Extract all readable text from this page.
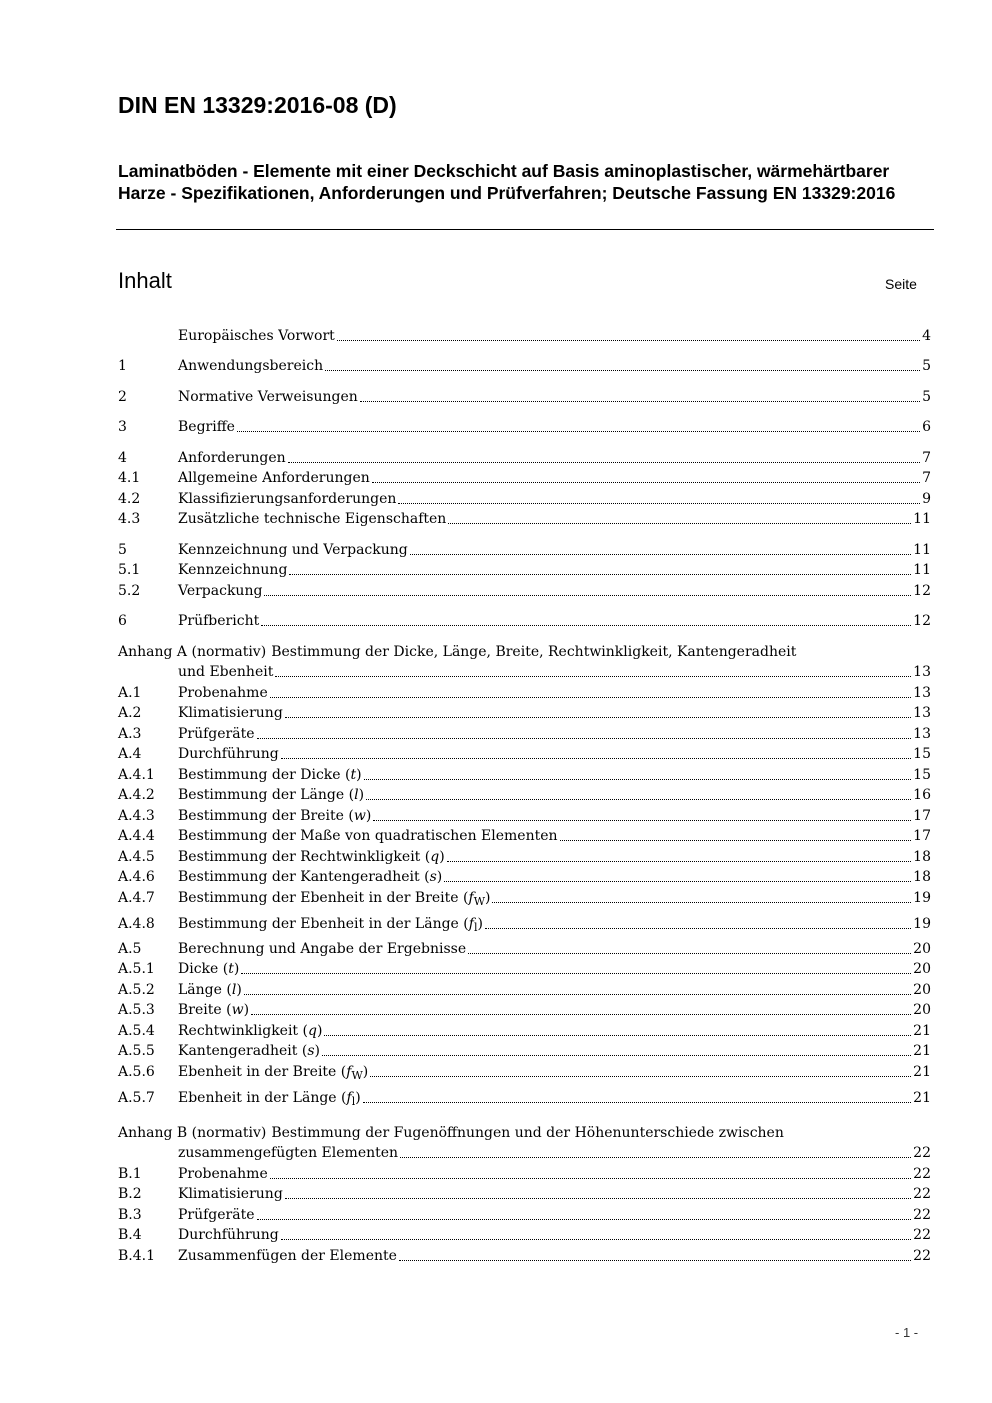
DIN EN 13329:2016-08 (D)
Laminatböden - Elemente mit einer Deckschicht auf Basis aminoplastischer, wärmehärtbarer Harze - Spezifikationen, Anforderungen und Prüfverfahren; Deutsche Fassung EN 13329:2016
Inhalt	Seite
Europäisches Vorwort	4
1	Anwendungsbereich	5
2	Normative Verweisungen	5
3	Begriffe	6
4	Anforderungen	7
4.1	Allgemeine Anforderungen	7
4.2	Klassifizierungsanforderungen	9
4.3	Zusätzliche technische Eigenschaften	11
5	Kennzeichnung und Verpackung	11
5.1	Kennzeichnung	11
5.2	Verpackung	12
6	Prüfbericht	12
Anhang A (normativ) Bestimmung der Dicke, Länge, Breite, Rechtwinkligkeit, Kantengeradheit
und Ebenheit	13
A.1	Probenahme	13
A.2	Klimatisierung	13
A.3	Prüfgeräte	13
A.4	Durchführung	15
A.4.1	Bestimmung der Dicke (t)	15
A.4.2	Bestimmung der Länge (l)	16
A.4.3	Bestimmung der Breite (w)	17
A.4.4	Bestimmung der Maße von quadratischen Elementen	17
A.4.5	Bestimmung der Rechtwinkligkeit (q)	18
A.4.6	Bestimmung der Kantengeradheit (s)	18
A.4.7	Bestimmung der Ebenheit in der Breite $(f_W)$	19
A.4.8	Bestimmung der Ebenheit in der Länge $(f_l)$	19
A.5	Berechnung und Angabe der Ergebnisse	20
A.5.1	Dicke (t)	20
A.5.2	Länge (l)	20
A.5.3	Breite (w)	20
A.5.4	Rechtwinkligkeit (q)	21
A.5.5	Kantengeradheit (s)	21
A.5.6	Ebenheit in der Breite $(f_W)$	21
A.5.7	Ebenheit in der Länge $(f_l)$	21
Anhang B (normativ) Bestimmung der Fugenöffnungen und der Höhenunterschiede zwischen
zusammengefügten Elementen	22
B.1	Probenahme	22
B.2	Klimatisierung	22
B.3	Prüfgeräte	22
B.4	Durchführung	22
B.4.1	Zusammenfügen der Elemente	22
- 1 -
